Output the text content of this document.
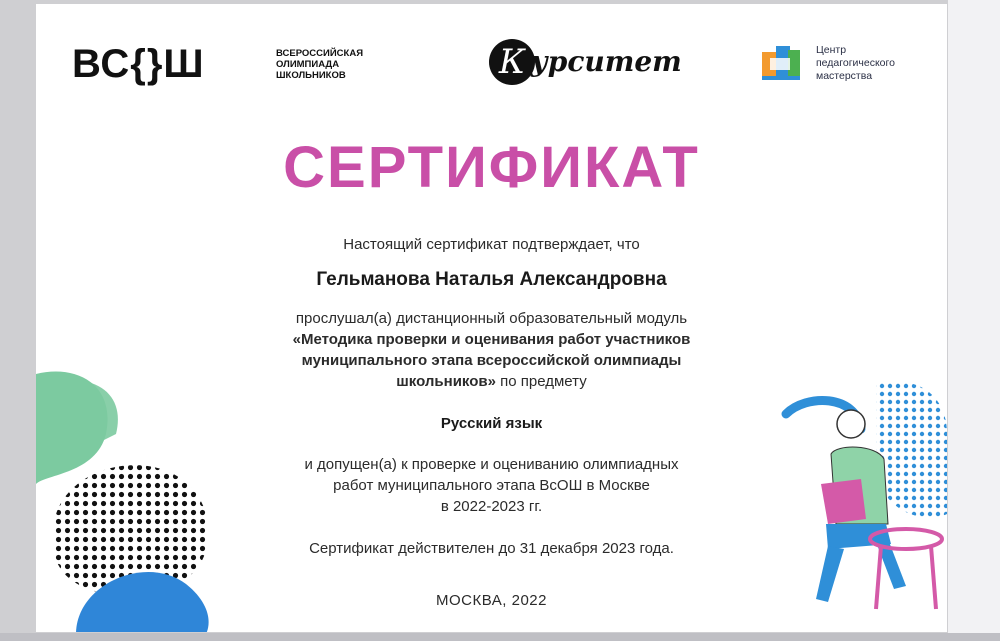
ВС{}Ш	ВСЕРОССИЙСКАЯ
ОЛИМПИАДА
ШКОЛЬНИКОВ	К урситет	Центр
педагогического
мастерства
СЕРТИФИКАТ
Настоящий сертификат подтверждает, что
Гельманова Наталья Александровна
прослушал(а) дистанционный образовательный модуль
«Методика проверки и оценивания работ участников
муниципального этапа всероссийской олимпиады
школьников» по предмету
Русский язык
и допущен(а) к проверке и оцениванию олимпиадных
работ муниципального этапа ВсОШ в Москве
в 2022-2023 гг.
Сертификат действителен до 31 декабря 2023 года.
МОСКВА, 2022
